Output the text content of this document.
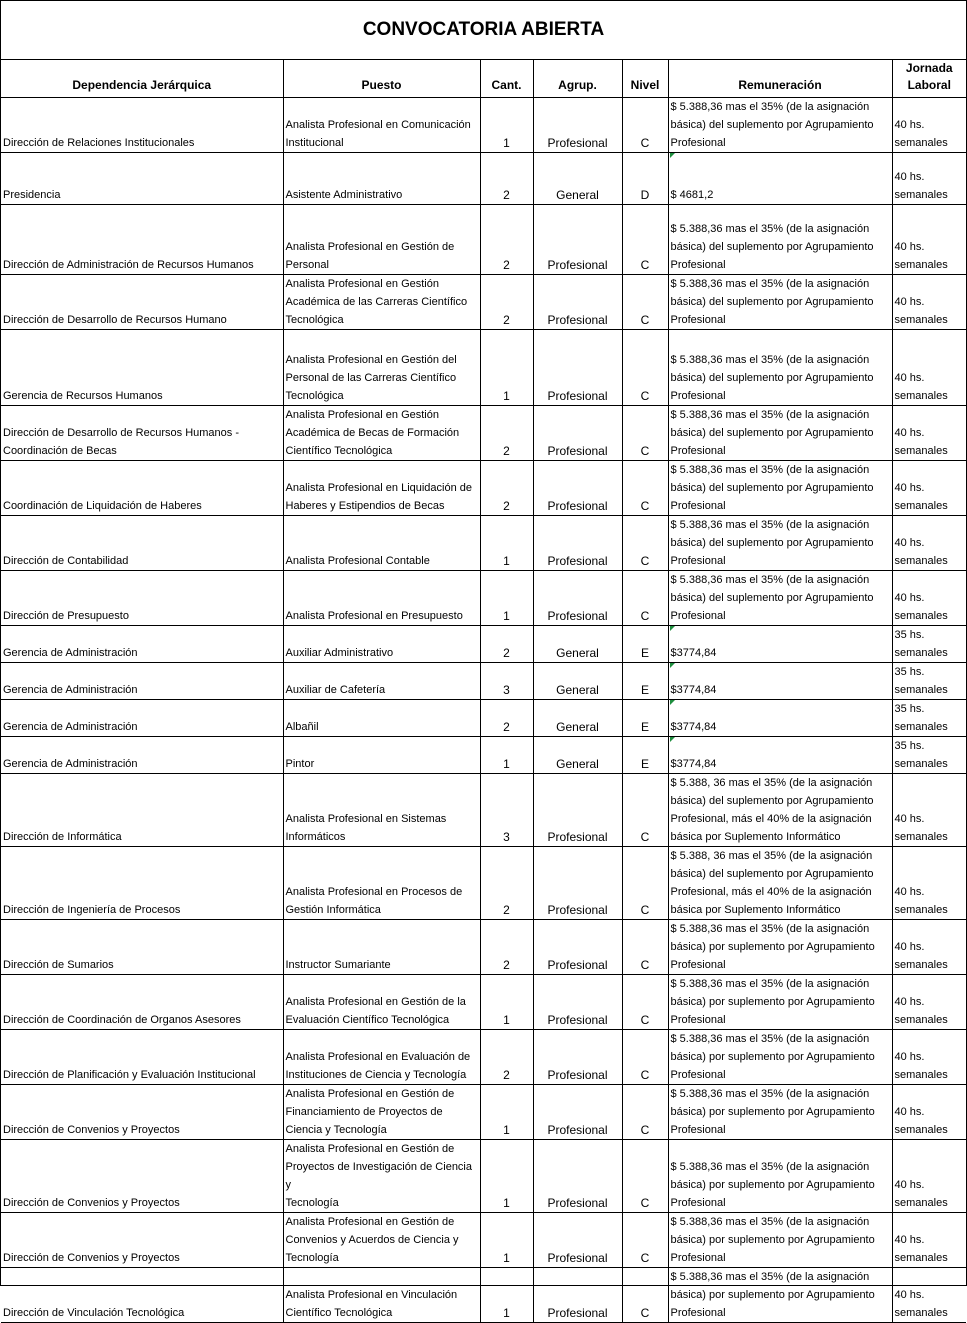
CONVOCATORIA ABIERTA
Dependencia Jerárquica	Puesto	Cant.	Agrup.	Nivel	Remuneración	Jornada
Laboral
Dirección de Relaciones Institucionales	Analista Profesional en Comunicación
Institucional	1	Profesional	C	$ 5.388,36 mas el 35% (de la asignación
básica) del suplemento por Agrupamiento
Profesional	40 hs.
semanales
Presidencia	Asistente Administrativo	2	General	D	$ 4681,2	40 hs.
semanales
Dirección de Administración de Recursos Humanos	Analista Profesional en Gestión de
Personal	2	Profesional	C	$ 5.388,36 mas el 35% (de la asignación
básica) del suplemento por Agrupamiento
Profesional	40 hs.
semanales
Dirección de Desarrollo de Recursos Humano	Analista Profesional en Gestión
Académica de las Carreras Científico
Tecnológica	2	Profesional	C	$ 5.388,36 mas el 35% (de la asignación
básica) del suplemento por Agrupamiento
Profesional	40 hs.
semanales
Gerencia de Recursos Humanos	Analista Profesional en Gestión del
Personal de las Carreras Científico
Tecnológica	1	Profesional	C	$ 5.388,36 mas el 35% (de la asignación
básica) del suplemento por Agrupamiento
Profesional	40 hs.
semanales
Dirección de Desarrollo de Recursos Humanos -
Coordinación de Becas	Analista Profesional en Gestión
Académica de Becas de Formación
Científico Tecnológica	2	Profesional	C	$ 5.388,36 mas el 35% (de la asignación
básica) del suplemento por Agrupamiento
Profesional	40 hs.
semanales
Coordinación de Liquidación de Haberes	Analista Profesional en Liquidación de
Haberes y Estipendios de Becas	2	Profesional	C	$ 5.388,36 mas el 35% (de la asignación
básica) del suplemento por Agrupamiento
Profesional	40 hs.
semanales
Dirección de Contabilidad	Analista Profesional Contable	1	Profesional	C	$ 5.388,36 mas el 35% (de la asignación
básica) del suplemento por Agrupamiento
Profesional	40 hs.
semanales
Dirección de Presupuesto	Analista Profesional en Presupuesto	1	Profesional	C	$ 5.388,36 mas el 35% (de la asignación
básica) del suplemento por Agrupamiento
Profesional	40 hs.
semanales
Gerencia de Administración	Auxiliar Administrativo	2	General	E	$3774,84	35 hs.
semanales
Gerencia de Administración	Auxiliar de Cafetería	3	General	E	$3774,84	35 hs.
semanales
Gerencia de Administración	Albañil	2	General	E	$3774,84	35 hs.
semanales
Gerencia de Administración	Pintor	1	General	E	$3774,84	35 hs.
semanales
Dirección de Informática	Analista Profesional en Sistemas
Informáticos	3	Profesional	C	$ 5.388, 36 mas el 35% (de la asignación
básica) del suplemento por Agrupamiento
Profesional, más el 40% de la asignación
básica por Suplemento Informático	40 hs.
semanales
Dirección de Ingeniería de Procesos	Analista Profesional en Procesos de
Gestión Informática	2	Profesional	C	$ 5.388, 36 mas el 35% (de la asignación
básica) del suplemento por Agrupamiento
Profesional, más el 40% de la asignación
básica por Suplemento Informático	40 hs.
semanales
Dirección de Sumarios	Instructor Sumariante	2	Profesional	C	$ 5.388,36 mas el 35% (de la asignación
básica) por suplemento por Agrupamiento
Profesional	40 hs.
semanales
Dirección de Coordinación de Organos Asesores	Analista Profesional en Gestión de la
Evaluación Científico Tecnológica	1	Profesional	C	$ 5.388,36 mas el 35% (de la asignación
básica) por suplemento por Agrupamiento
Profesional	40 hs.
semanales
Dirección de Planificación y Evaluación Institucional	Analista Profesional en Evaluación de
Instituciones de Ciencia y Tecnología	2	Profesional	C	$ 5.388,36 mas el 35% (de la asignación
básica) por suplemento por Agrupamiento
Profesional	40 hs.
semanales
Dirección de Convenios y Proyectos	Analista Profesional en Gestión de
Financiamiento de Proyectos de
Ciencia y Tecnología	1	Profesional	C	$ 5.388,36 mas el 35% (de la asignación
básica) por suplemento por Agrupamiento
Profesional	40 hs.
semanales
Dirección de Convenios y Proyectos	Analista Profesional en Gestión de
Proyectos de Investigación de Ciencia y
Tecnología	1	Profesional	C	$ 5.388,36 mas el 35% (de la asignación
básica) por suplemento por Agrupamiento
Profesional	40 hs.
semanales
Dirección de Convenios y Proyectos	Analista Profesional en Gestión de
Convenios y Acuerdos de Ciencia y
Tecnología	1	Profesional	C	$ 5.388,36 mas el 35% (de la asignación
básica) por suplemento por Agrupamiento
Profesional	40 hs.
semanales
Dirección de Vinculación Tecnológica	Analista Profesional en Vinculación
Científico Tecnológica	1	Profesional	C	$ 5.388,36 mas el 35% (de la asignación
básica) por suplemento por Agrupamiento
Profesional	40 hs.
semanales
